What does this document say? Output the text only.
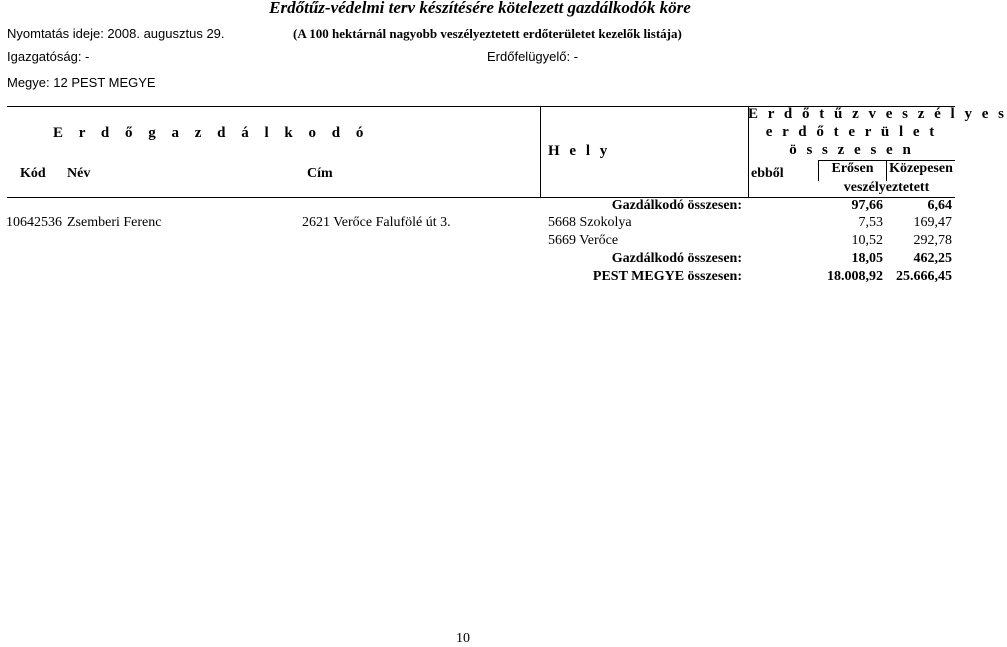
Erdőtűz-védelmi terv készítésére kötelezett gazdálkodók köre
Nyomtatás ideje: 2008. augusztus 29.	(A 100 hektárnál nagyobb veszélyeztetett erdőterületet kezelők listája)
Igazgatóság: -	Erdőfelügyelő: -
Megye: 12 PEST MEGYE
E r d ő g a z d á l k o d ó
Kód Név	Cím
H e l y
E r d ő t ű z v e s z é l y e s
e r d ő t e r ü l e t
ö s s z e s e n
ebből	Erősen	Közepesen
veszélyeztetett
Gazdálkodó összesen:	97,66	6,64
10642536 Zsemberi Ferenc	2621 Verőce Falufölé út 3.	5668 Szokolya	7,53 169,47
5669 Verőce	10,52 292,78
Gazdálkodó összesen:	18,05 462,25
PEST MEGYE összesen:	18.008,92 25.666,45
10
